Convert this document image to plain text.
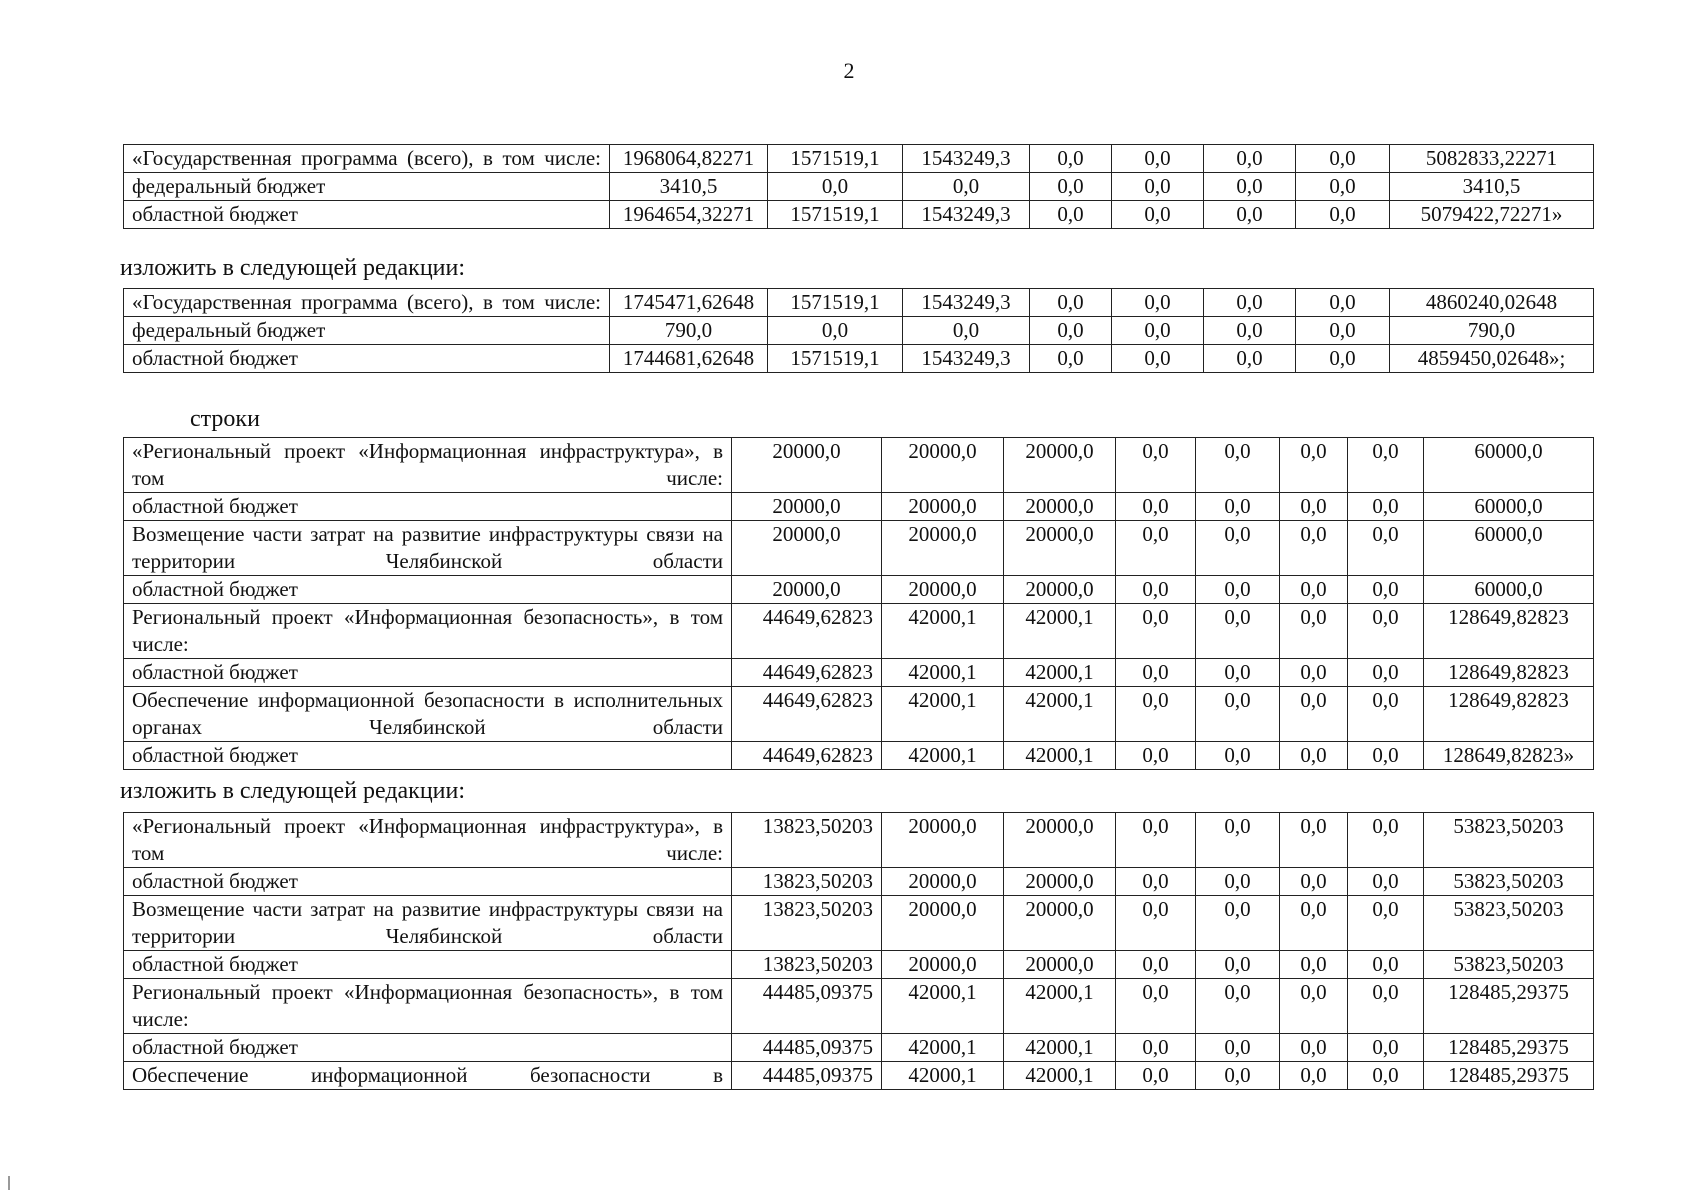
2
«Государственная программа (всего), в том числе:	1968064,82271	1571519,1	1543249,3	0,0	0,0	0,0	0,0	5082833,22271
федеральный бюджет	3410,5	0,0	0,0	0,0	0,0	0,0	0,0	3410,5
областной бюджет	1964654,32271	1571519,1	1543249,3	0,0	0,0	0,0	0,0	5079422,72271»
изложить в следующей редакции:
«Государственная программа (всего), в том числе:	1745471,62648	1571519,1	1543249,3	0,0	0,0	0,0	0,0	4860240,02648
федеральный бюджет	790,0	0,0	0,0	0,0	0,0	0,0	0,0	790,0
областной бюджет	1744681,62648	1571519,1	1543249,3	0,0	0,0	0,0	0,0	4859450,02648»;
строки
«Региональный проект «Информационная инфраструктура», в том числе:	20000,0	20000,0	20000,0	0,0	0,0	0,0	0,0	60000,0
областной бюджет	20000,0	20000,0	20000,0	0,0	0,0	0,0	0,0	60000,0
Возмещение части затрат на развитие инфраструктуры связи на территории Челябинской области	20000,0	20000,0	20000,0	0,0	0,0	0,0	0,0	60000,0
областной бюджет	20000,0	20000,0	20000,0	0,0	0,0	0,0	0,0	60000,0
Региональный проект «Информационная безопасность», в том числе:	44649,62823	42000,1	42000,1	0,0	0,0	0,0	0,0	128649,82823
областной бюджет	44649,62823	42000,1	42000,1	0,0	0,0	0,0	0,0	128649,82823
Обеспечение информационной безопасности в исполнительных органах Челябинской области	44649,62823	42000,1	42000,1	0,0	0,0	0,0	0,0	128649,82823
областной бюджет	44649,62823	42000,1	42000,1	0,0	0,0	0,0	0,0	128649,82823»
изложить в следующей редакции:
«Региональный проект «Информационная инфраструктура», в том числе:	13823,50203	20000,0	20000,0	0,0	0,0	0,0	0,0	53823,50203
областной бюджет	13823,50203	20000,0	20000,0	0,0	0,0	0,0	0,0	53823,50203
Возмещение части затрат на развитие инфраструктуры связи на территории Челябинской области	13823,50203	20000,0	20000,0	0,0	0,0	0,0	0,0	53823,50203
областной бюджет	13823,50203	20000,0	20000,0	0,0	0,0	0,0	0,0	53823,50203
Региональный проект «Информационная безопасность», в том числе:	44485,09375	42000,1	42000,1	0,0	0,0	0,0	0,0	128485,29375
областной бюджет	44485,09375	42000,1	42000,1	0,0	0,0	0,0	0,0	128485,29375
Обеспечение информационной безопасности в	44485,09375	42000,1	42000,1	0,0	0,0	0,0	0,0	128485,29375
